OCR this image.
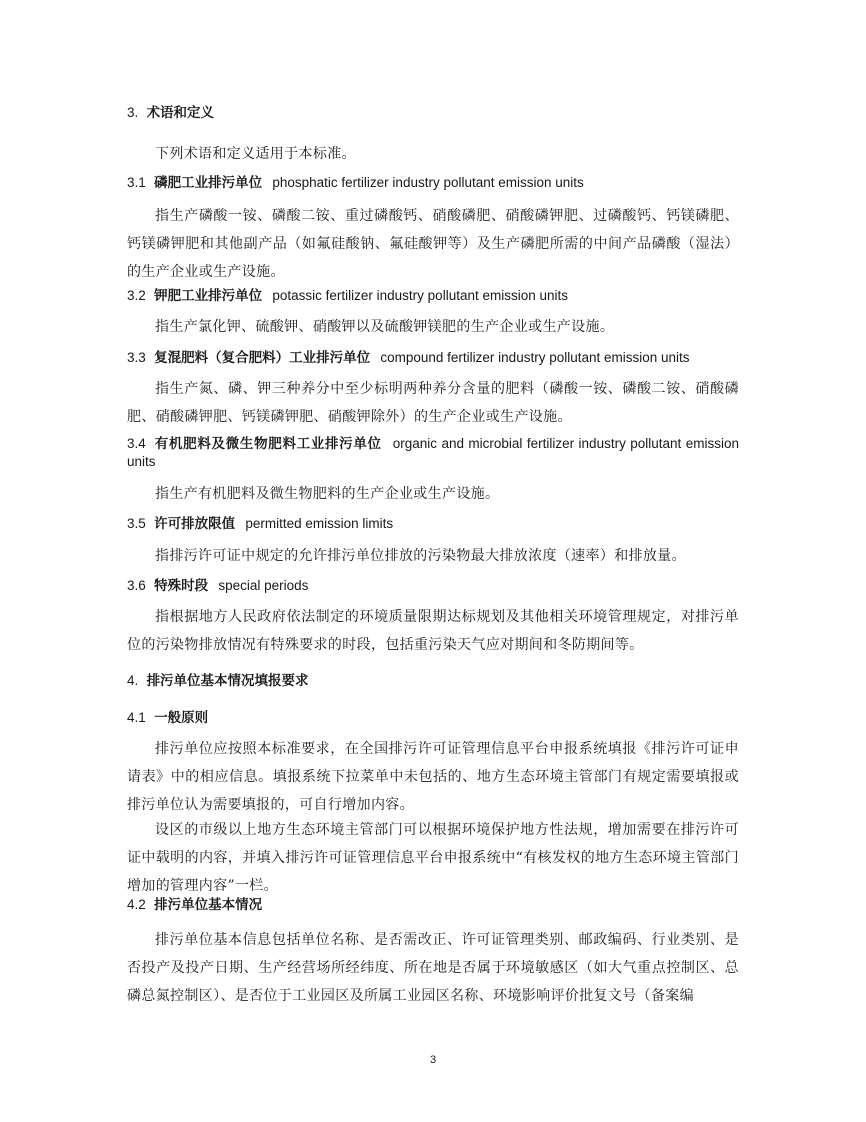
3. 术语和定义

下列术语和定义适用于本标准。

3.1 磷肥工业排污单位 phosphatic fertilizer industry pollutant emission units

指生产磷酸一铵、磷酸二铵、重过磷酸钙、硝酸磷肥、硝酸磷钾肥、过磷酸钙、钙镁磷肥、钙镁磷钾肥和其他副产品（如氟硅酸钠、氟硅酸钾等）及生产磷肥所需的中间产品磷酸（湿法）的生产企业或生产设施。

3.2 钾肥工业排污单位 potassic fertilizer industry pollutant emission units

指生产氯化钾、硫酸钾、硝酸钾以及硫酸钾镁肥的生产企业或生产设施。

3.3 复混肥料（复合肥料）工业排污单位 compound fertilizer industry pollutant emission units

指生产氮、磷、钾三种养分中至少标明两种养分含量的肥料（磷酸一铵、磷酸二铵、硝酸磷肥、硝酸磷钾肥、钙镁磷钾肥、硝酸钾除外）的生产企业或生产设施。

3.4 有机肥料及微生物肥料工业排污单位 organic and microbial fertilizer industry pollutant emission units

指生产有机肥料及微生物肥料的生产企业或生产设施。

3.5 许可排放限值 permitted emission limits

指排污许可证中规定的允许排污单位排放的污染物最大排放浓度（速率）和排放量。

3.6 特殊时段 special periods

指根据地方人民政府依法制定的环境质量限期达标规划及其他相关环境管理规定，对排污单位的污染物排放情况有特殊要求的时段，包括重污染天气应对期间和冬防期间等。

4. 排污单位基本情况填报要求
4.1 一般原则

排污单位应按照本标准要求，在全国排污许可证管理信息平台申报系统填报《排污许可证申请表》中的相应信息。填报系统下拉菜单中未包括的、地方生态环境主管部门有规定需要填报或排污单位认为需要填报的，可自行增加内容。

设区的市级以上地方生态环境主管部门可以根据环境保护地方性法规，增加需要在排污许可证中载明的内容，并填入排污许可证管理信息平台申报系统中“有核发权的地方生态环境主管部门增加的管理内容”一栏。

4.2 排污单位基本情况

排污单位基本信息包括单位名称、是否需改正、许可证管理类别、邮政编码、行业类别、是否投产及投产日期、生产经营场所经纬度、所在地是否属于环境敏感区（如大气重点控制区、总磷总氮控制区）、是否位于工业园区及所属工业园区名称、环境影响评价批复文号（备案编

3
